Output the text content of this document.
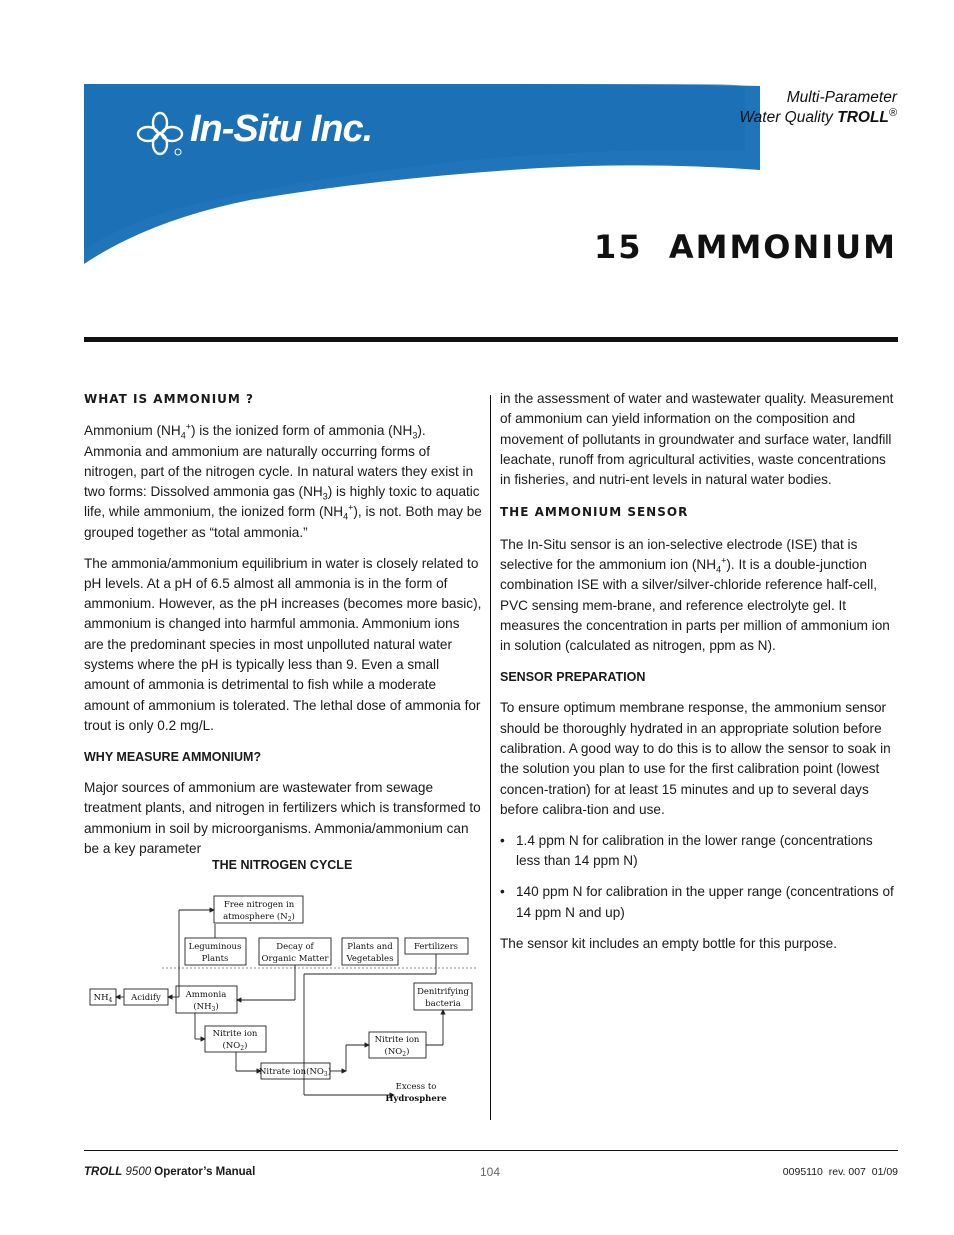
In-Situ Inc.
Multi-Parameter
Water Quality TROLL®
15  AMMONIUM
WHAT IS AMMONIUM ?

Ammonium $(NH_4^+)$ is the ionized form of ammonia $(NH_3)$. Ammonia and ammonium are naturally occurring forms of nitrogen, part of the nitrogen cycle. In natural waters they exist in two forms: Dissolved ammonia gas $(NH_3)$ is highly toxic to aquatic life, while ammonium, the ionized form $(NH_4^+)$, is not. Both may be grouped together as “total ammonia.”

The ammonia/ammonium equilibrium in water is closely related to pH levels. At a pH of 6.5 almost all ammonia is in the form of ammonium. However, as the pH increases (becomes more basic), ammonium is changed into harmful ammonia. Ammonium ions are the predominant species in most unpolluted natural water systems where the pH is typically less than 9. Even a small amount of ammonia is detrimental to fish while a moderate amount of ammonium is tolerated. The lethal dose of ammonia for trout is only 0.2 mg/L.

WHY MEASURE AMMONIUM?

Major sources of ammonium are wastewater from sewage treatment plants, and nitrogen in fertilizers which is transformed to ammonium in soil by microorganisms. Ammonia/ammonium can be a key parameter

in the assessment of water and wastewater quality. Measurement of ammonium can yield information on the composition and movement of pollutants in groundwater and surface water, landfill leachate, runoff from agricultural activities, waste concentrations in fisheries, and nutri-ent levels in natural water bodies.

THE AMMONIUM SENSOR

The In-Situ sensor is an ion-selective electrode (ISE) that is selective for the ammonium ion $(NH_4^+)$. It is a double-junction combination ISE with a silver/silver-chloride reference half-cell, PVC sensing mem-brane, and reference electrolyte gel. It measures the concentration in parts per million of ammonium ion in solution (calculated as nitrogen, ppm as N).

SENSOR PREPARATION

To ensure optimum membrane response, the ammonium sensor should be thoroughly hydrated in an appropriate solution before calibration. A good way to do this is to allow the sensor to soak in the solution you plan to use for the first calibration point (lowest concen-tration) for at least 15 minutes and up to several days before calibra-tion and use.

• 1.4 ppm N for calibration in the lower range (concentrations less than 14 ppm N)
• 140 ppm N for calibration in the upper range (concentrations of 14 ppm N and up)

The sensor kit includes an empty bottle for this purpose.

THE NITROGEN CYCLE
Free nitrogen in
atmosphere $(N_2)$
Leguminous
Plants
Decay of
Organic Matter
Plants and
Vegetables
Fertilizers
$NH_4$ Acidify	Ammonia
$(NH_3)$
Denitrifying
bacteria
Nitrite ion
$(NO_2)$
Nitrite ion
$(NO_2)$
Nitrate $ion(NO_3)$
Excess to
Hydrosphere
TROLL 9500 Operator’s Manual	104	0095110  rev. 007  01/09
